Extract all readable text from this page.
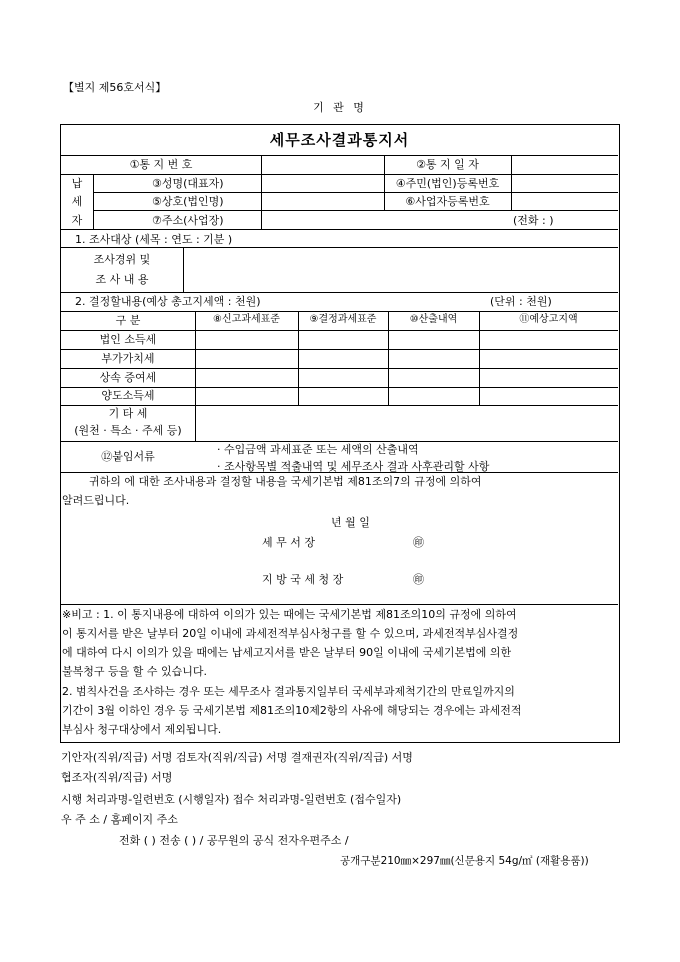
【별지 제56호서식】
기 관 명
세무조사결과통지서
①통 지 번 호	②통 지 일 자
납
세
자
③성명(대표자)	④주민(법인)등록번호
⑤상호(법인명)	⑥사업자등록번호
⑦주소(사업장)	(전화 : )
1. 조사대상 (세목 : 연도 : 기분 )
조사경위 및
조 사 내 용
2. 결정할내용(예상 총고지세액 : 천원)	(단위 : 천원)
구 분	⑧신고과세표준	⑨결정과세표준	⑩산출내역	⑪예상고지액
법인 소득세
부가가치세
상속 증여세
양도소득세
기 타 세
(원천 · 특소 · 주세 등)
⑫붙임서류
· 수입금액 과세표준 또는 세액의 산출내역
· 조사항목별 적출내역 및 세무조사 결과 사후관리할 사항
귀하의 에 대한 조사내용과 결정할 내용을 국세기본법 제81조의7의 규정에 의하여
알려드립니다.
년 월 일
세 무 서 장	㊞
지 방 국 세 청 장	㊞
※비고 : 1. 이 통지내용에 대하여 이의가 있는 때에는 국세기본법 제81조의10의 규정에 의하여
이 통지서를 받은 날부터 20일 이내에 과세전적부심사청구를 할 수 있으며, 과세전적부심사결정
에 대하여 다시 이의가 있을 때에는 납세고지서를 받은 날부터 90일 이내에 국세기본법에 의한
불복청구 등을 할 수 있습니다.
2. 범칙사건을 조사하는 경우 또는 세무조사 결과통지일부터 국세부과제척기간의 만료일까지의
기간이 3월 이하인 경우 등 국세기본법 제81조의10제2항의 사유에 해당되는 경우에는 과세전적
부심사 청구대상에서 제외됩니다.
기안자(직위/직급) 서명 검토자(직위/직급) 서명 결재권자(직위/직급) 서명
협조자(직위/직급) 서명
시행 처리과명-일련번호 (시행일자) 접수 처리과명-일련번호 (접수일자)
우 주 소 / 홈페이지 주소
전화 ( ) 전송 ( ) / 공무원의 공식 전자우편주소 /
공개구분210㎜×297㎜(신문용지 54g/㎡ (재활용품))
